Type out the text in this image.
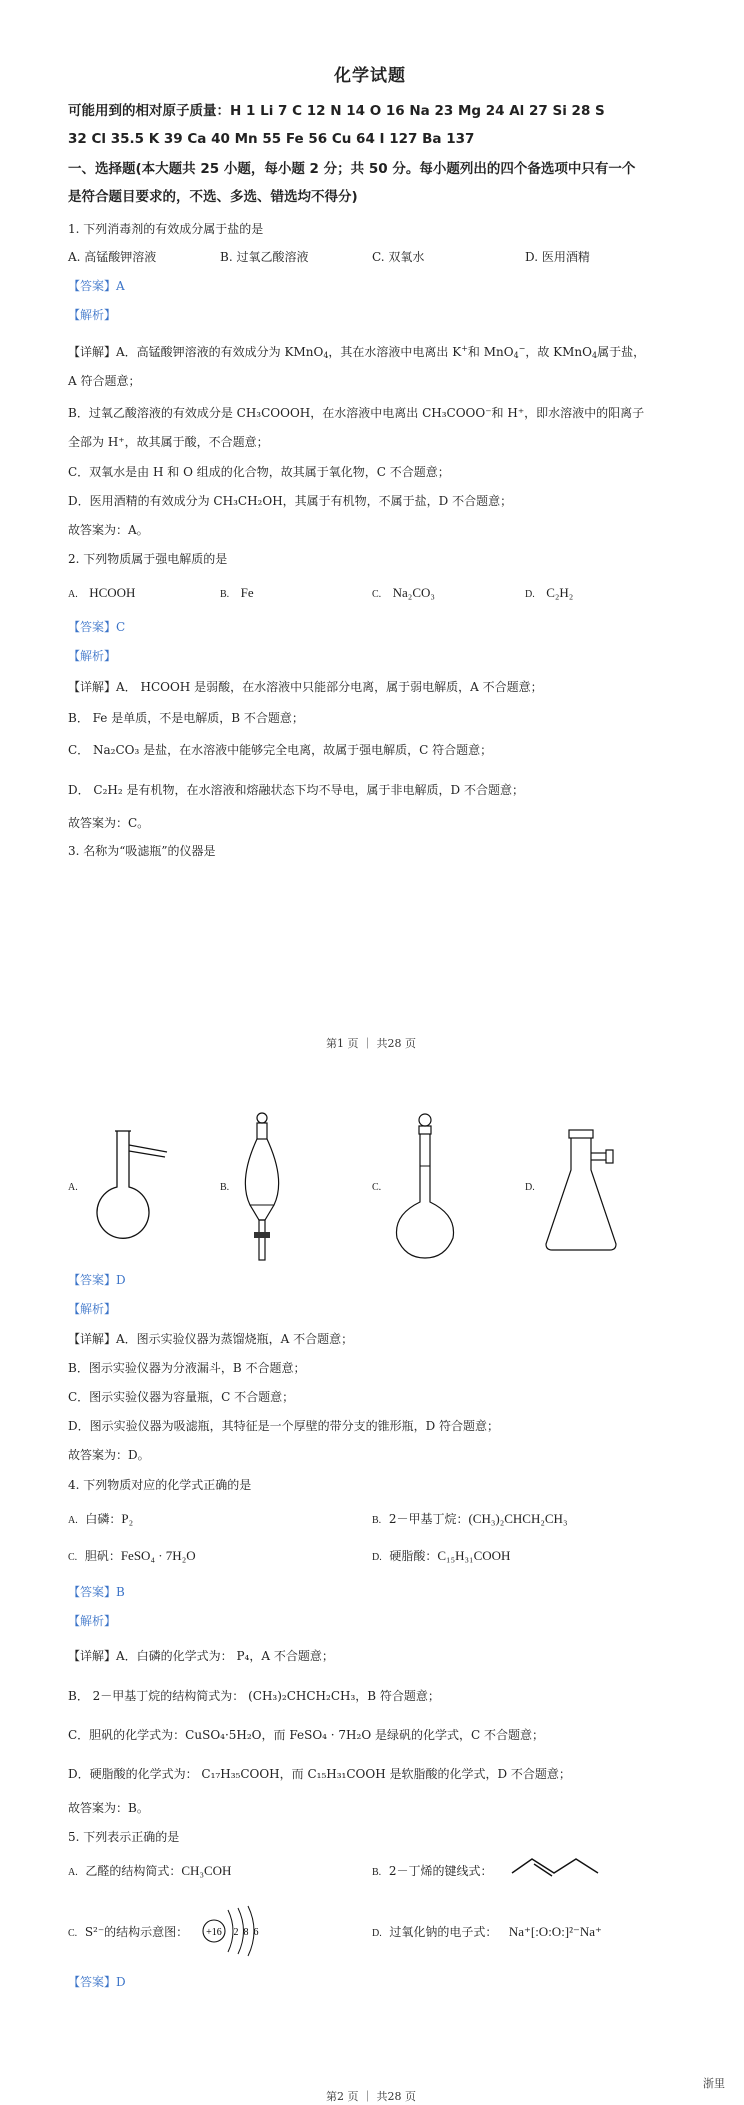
化学试题
可能用到的相对原子质量：H 1 Li 7 C 12 N 14 O 16 Na 23 Mg 24 Al 27 Si 28 S
32 Cl 35.5 K 39 Ca 40 Mn 55 Fe 56 Cu 64 I 127 Ba 137
一、选择题(本大题共 25 小题，每小题 2 分；共 50 分。每小题列出的四个备选项中只有一个
是符合题目要求的，不选、多选、错选均不得分)
1. 下列消毒剂的有效成分属于盐的是
A. 高锰酸钾溶液	B. 过氧乙酸溶液	C. 双氧水	D. 医用酒精
【答案】A
【解析】
【详解】A．高锰酸钾溶液的有效成分为 KMnO$_4$，其在水溶液中电离出 K+和 MnO$_4$−，故 KMnO$_4$属于盐，
A 符合题意；
B．过氧乙酸溶液的有效成分是 CH₃COOOH，在水溶液中电离出 CH₃COOO⁻和 H⁺，即水溶液中的阳离子
全部为 H⁺，故其属于酸，不合题意；
C．双氧水是由 H 和 O 组成的化合物，故其属于氧化物，C 不合题意；
D．医用酒精的有效成分为 CH₃CH₂OH，其属于有机物，不属于盐，D 不合题意；
故答案为：A。
2. 下列物质属于强电解质的是
A. HCOOH	B. Fe	C. Na₂CO₃	D. C₂H₂
【答案】C
【解析】
【详解】A． HCOOH 是弱酸，在水溶液中只能部分电离，属于弱电解质，A 不合题意；
B． Fe 是单质，不是电解质，B 不合题意；
C． Na₂CO₃ 是盐，在水溶液中能够完全电离，故属于强电解质，C 符合题意；
D． C₂H₂ 是有机物，在水溶液和熔融状态下均不导电，属于非电解质，D 不合题意；
故答案为：C。
3. 名称为“吸滤瓶”的仪器是
第1 页 ｜ 共28 页
A.	B.	C.	D.
【答案】D
【解析】
【详解】A．图示实验仪器为蒸馏烧瓶，A 不合题意；
B．图示实验仪器为分液漏斗，B 不合题意；
C．图示实验仪器为容量瓶，C 不合题意；
D．图示实验仪器为吸滤瓶，其特征是一个厚壁的带分支的锥形瓶，D 符合题意；
故答案为：D。
4. 下列物质对应的化学式正确的是
A. 白磷：P₂	B. 2－甲基丁烷：(CH₃)₂CHCH₂CH₃
C. 胆矾：FeSO₄ · 7H₂O	D. 硬脂酸：C₁₅H₃₁COOH
【答案】B
【解析】
【详解】A．白磷的化学式为： P₄，A 不合题意；
B． 2－甲基丁烷的结构简式为： (CH₃)₂CHCH₂CH₃，B 符合题意；
C．胆矾的化学式为：CuSO₄·5H₂O，而 FeSO₄ · 7H₂O 是绿矾的化学式，C 不合题意；
D．硬脂酸的化学式为： C₁₇H₃₅COOH，而 C₁₅H₃₁COOH 是软脂酸的化学式，D 不合题意；
故答案为：B。
5. 下列表示正确的是
A. 乙醛的结构简式：CH₃COH	B. 2－丁烯的键线式：
C. S²⁻的结构示意图： +16 2 8 6	D. 过氧化钠的电子式： Na⁺[:O:O:]²⁻Na⁺
【答案】D
浙里
第2 页 ｜ 共28 页
